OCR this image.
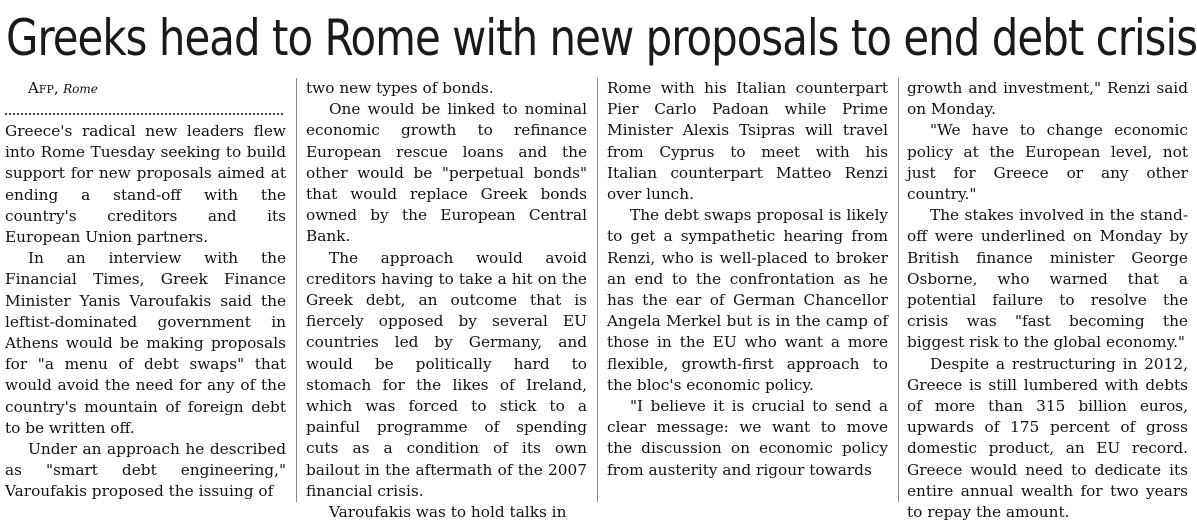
Greeks head to Rome with new proposals to end debt crisis

Afp, Rome

Greece's radical new leaders flew into Rome Tuesday seeking to build support for new proposals aimed at ending a stand-off with the country's creditors and its European Union partners.

In an interview with the Financial Times, Greek Finance Minister Yanis Varoufakis said the leftist-dominated government in Athens would be making proposals for "a menu of debt swaps" that would avoid the need for any of the country's mountain of foreign debt to be written off.

Under an approach he described as "smart debt engineering," Varoufakis proposed the issuing of

two new types of bonds.

One would be linked to nominal economic growth to refinance European rescue loans and the other would be "perpetual bonds" that would replace Greek bonds owned by the European Central Bank.

The approach would avoid creditors having to take a hit on the Greek debt, an outcome that is fiercely opposed by several EU countries led by Germany, and would be politically hard to stomach for the likes of Ireland, which was forced to stick to a painful programme of spending cuts as a condition of its own bailout in the aftermath of the 2007 financial crisis.

Varoufakis was to hold talks in

Rome with his Italian counterpart Pier Carlo Padoan while Prime Minister Alexis Tsipras will travel from Cyprus to meet with his Italian counterpart Matteo Renzi over lunch.

The debt swaps proposal is likely to get a sympathetic hearing from Renzi, who is well-placed to broker an end to the confrontation as he has the ear of German Chancellor Angela Merkel but is in the camp of those in the EU who want a more flexible, growth-first approach to the bloc's economic policy.

"I believe it is crucial to send a clear message: we want to move the discussion on economic policy from austerity and rigour towards

growth and investment," Renzi said on Monday.

"We have to change economic policy at the European level, not just for Greece or any other country."

The stakes involved in the stand-off were underlined on Monday by British finance minister George Osborne, who warned that a potential failure to resolve the crisis was "fast becoming the biggest risk to the global economy."

Despite a restructuring in 2012, Greece is still lumbered with debts of more than 315 billion euros, upwards of 175 percent of gross domestic product, an EU record. Greece would need to dedicate its entire annual wealth for two years to repay the amount.
